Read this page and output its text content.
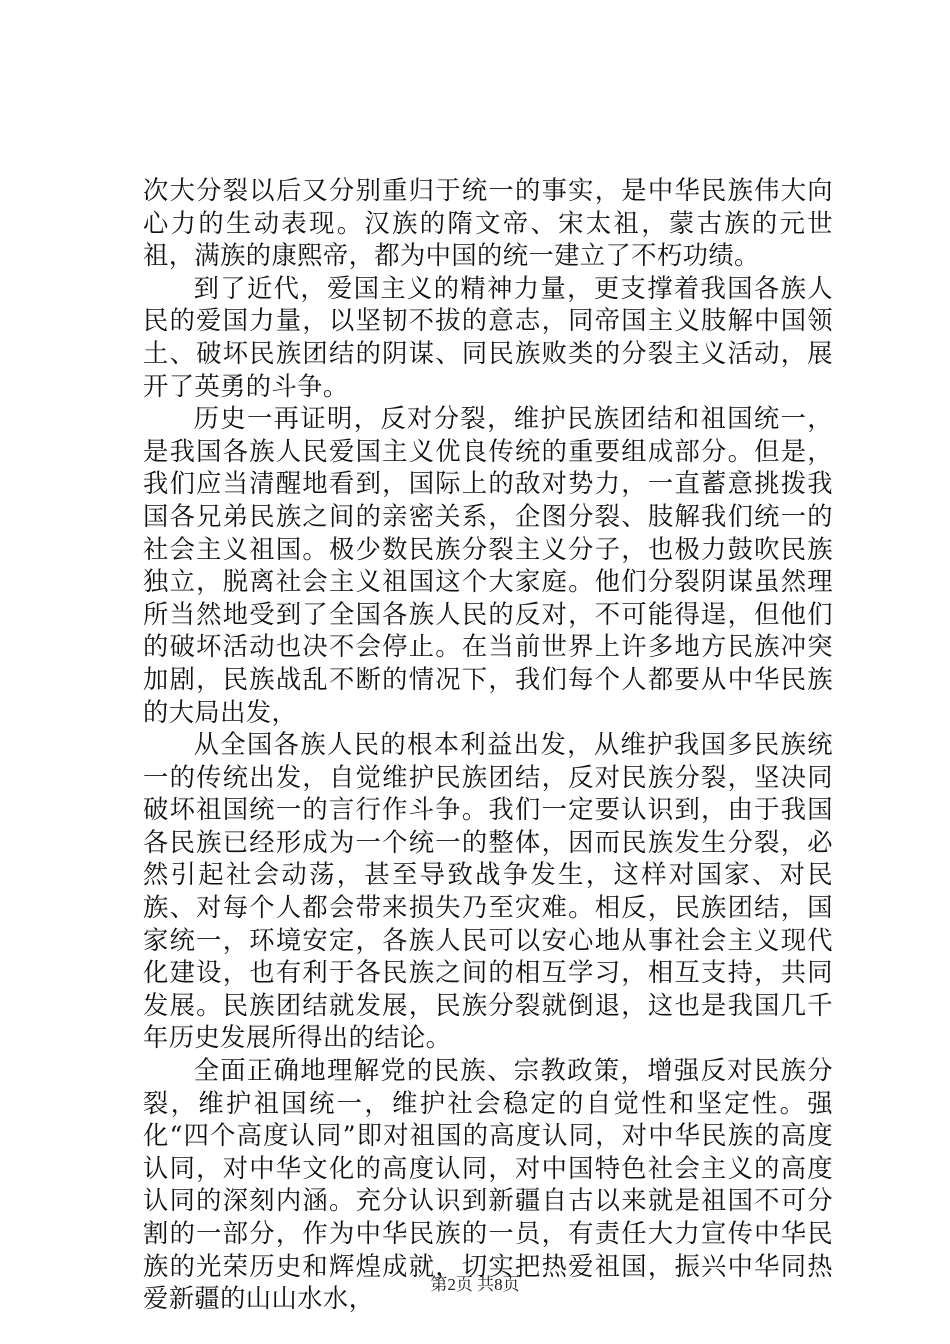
次大分裂以后又分别重归于统一的事实，是中华民族伟大向心力的生动表现。汉族的隋文帝、宋太祖，蒙古族的元世祖，满族的康熙帝，都为中国的统一建立了不朽功绩。

到了近代，爱国主义的精神力量，更支撑着我国各族人民的爱国力量，以坚韧不拔的意志，同帝国主义肢解中国领土、破坏民族团结的阴谋、同民族败类的分裂主义活动，展开了英勇的斗争。

历史一再证明，反对分裂，维护民族团结和祖国统一，是我国各族人民爱国主义优良传统的重要组成部分。但是，我们应当清醒地看到，国际上的敌对势力，一直蓄意挑拨我国各兄弟民族之间的亲密关系，企图分裂、肢解我们统一的社会主义祖国。极少数民族分裂主义分子，也极力鼓吹民族独立，脱离社会主义祖国这个大家庭。他们分裂阴谋虽然理所当然地受到了全国各族人民的反对，不可能得逞，但他们的破坏活动也决不会停止。在当前世界上许多地方民族冲突加剧，民族战乱不断的情况下，我们每个人都要从中华民族的大局出发，

从全国各族人民的根本利益出发，从维护我国多民族统一的传统出发，自觉维护民族团结，反对民族分裂，坚决同破坏祖国统一的言行作斗争。我们一定要认识到，由于我国各民族已经形成为一个统一的整体，因而民族发生分裂，必然引起社会动荡，甚至导致战争发生，这样对国家、对民族、对每个人都会带来损失乃至灾难。相反，民族团结，国家统一，环境安定，各族人民可以安心地从事社会主义现代化建设，也有利于各民族之间的相互学习，相互支持，共同发展。民族团结就发展，民族分裂就倒退，这也是我国几千年历史发展所得出的结论。

全面正确地理解党的民族、宗教政策，增强反对民族分裂，维护祖国统一，维护社会稳定的自觉性和坚定性。强化“四个高度认同”即对祖国的高度认同，对中华民族的高度认同，对中华文化的高度认同，对中国特色社会主义的高度认同的深刻内涵。充分认识到新疆自古以来就是祖国不可分割的一部分，作为中华民族的一员，有责任大力宣传中华民族的光荣历史和辉煌成就，切实把热爱祖国，振兴中华同热爱新疆的山山水水，	第2页 共8页
